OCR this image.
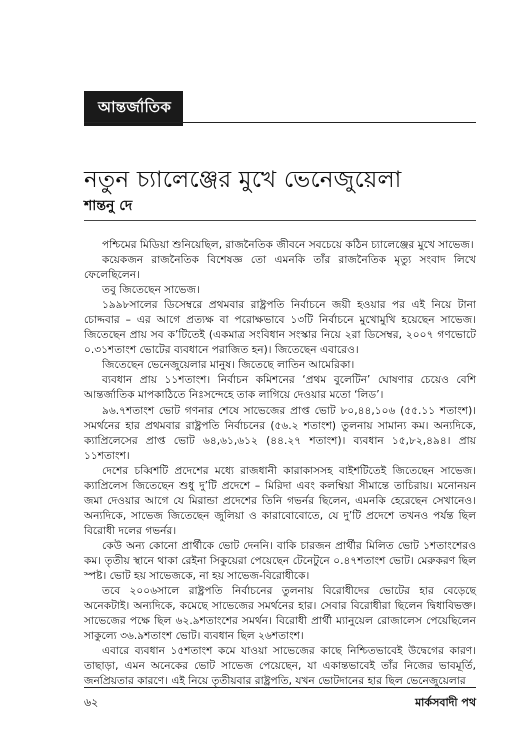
আন্তর্জাতিক
নতুন চ্যালেঞ্জের মুখে ভেনেজুয়েলা
শান্তনু দে

পশ্চিমের মিডিয়া শুনিয়েছিল, রাজনৈতিক জীবনে সবচেয়ে কঠিন চ্যালেঞ্জের মুখে সাভেজ।

কয়েকজন রাজনৈতিক বিশেষজ্ঞ তো এমনকি তাঁর রাজনৈতিক মৃত্যু সংবাদ লিখে ফেলেছিলেন।

তবু জিতেছেন সাভেজ।

১৯৯৮সালের ডিসেম্বরে প্রথমবার রাষ্ট্রপতি নির্বাচনে জয়ী হওয়ার পর এই নিয়ে টানা চোদ্দবার – এর আগে প্রত্যক্ষ বা পরোক্ষভাবে ১৩টি নির্বাচনে মুখোমুখি হয়েছেন সাভেজ। জিতেছেন প্রায় সব ক’টিতেই (একমাত্র সংবিধান সংস্কার নিয়ে ২রা ডিসেম্বর, ২০০৭ গণভোটে ০.৩১শতাংশ ভোটের ব্যবধানে পরাজিত হন)। জিতেছেন এবারেও।

জিতেছেন ভেনেজুয়েলার মানুষ। জিতেছে লাতিন আমেরিকা।

ব্যবধান প্রায় ১১শতাংশ। নির্বাচন কমিশনের ‘প্রথম বুলেটিন’ ঘোষণার চেয়েও বেশি আন্তর্জাতিক মাপকাঠিতে নিঃসন্দেহে তাক লাগিয়ে দেওয়ার মতো ‘লিড’।

৯৬.৭শতাংশ ভোট গণনার শেষে সাভেজের প্রাপ্ত ভোট ৮০,৪৪,১০৬ (৫৫.১১ শতাংশ)। সমর্থনের হার প্রথমবার রাষ্ট্রপতি নির্বাচনের (৫৬.২ শতাংশ) তুলনায় সামান্য কম। অন্যদিকে, ক্যাপ্রিলেসের প্রাপ্ত ভোট ৬৪,৬১,৬১২ (৪৪.২৭ শতাংশ)। ব্যবধান ১৫,৮২,৪৯৪। প্রায় ১১শতাংশ।

দেশের চব্বিশটি প্রদেশের মধ্যে রাজধানী কারাকাসসহ বাইশটিতেই জিতেছেন সাভেজ। ক্যাপ্রিলেস জিতেছেন শুধু দু’টি প্রদেশে – মিরিদা এবং কলম্বিয়া সীমান্তে তাচিরায়। মনোনয়ন জমা দেওয়ার আগে যে মিরান্ডা প্রদেশের তিনি গভর্নর ছিলেন, এমনকি হেরেছেন সেখানেও। অন্যদিকে, সাভেজ জিতেছেন জুলিয়া ও কারাবোবোতে, যে দু’টি প্রদেশে তখনও পর্যন্ত ছিল বিরোধী দলের গভর্নর।

কেউ অন্য কোনো প্রার্থীকে ভোট দেননি। বাকি চারজন প্রার্থীর মিলিত ভোট ১শতাংশেরও কম। তৃতীয় স্থানে থাকা রেইনা সিকুয়েরা পেয়েছেন টেনেটুনে ০.৪৭শতাংশ ভোট। মেরুকরণ ছিল স্পষ্ট। ভোট হয় সাভেজকে, না হয় সাভেজ-বিরোধীকে।

তবে ২০০৬সালে রাষ্ট্রপতি নির্বাচনের তুলনায় বিরোধীদের ভোটের হার বেড়েছে অনেকটাই। অন্যদিকে, কমেছে সাভেজের সমর্থনের হার। সেবার বিরোধীরা ছিলেন দ্বিধাবিভক্ত। সাভেজের পক্ষে ছিল ৬২.৯শতাংশের সমর্থন। বিরোধী প্রার্থী ম্যানুয়েল রোজালেস পেয়েছিলেন সাকুল্যে ৩৬.৯শতাংশ ভোট। ব্যবধান ছিল ২৬শতাংশ।

এবারে ব্যবধান ১৫শতাংশ কমে যাওয়া সাভেজের কাছে নিশ্চিতভাবেই উদ্বেগের কারণ। তাছাড়া, এমন অনেকের ভোট সাভেজ পেয়েছেন, যা একান্তভাবেই তাঁর নিজের ভাবমূর্তি, জনপ্রিয়তার কারণে। এই নিয়ে তৃতীয়বার রাষ্ট্রপতি, যখন ভোটদানের হার ছিল ভেনেজুয়েলার

৬২	মার্কসবাদী পথ
